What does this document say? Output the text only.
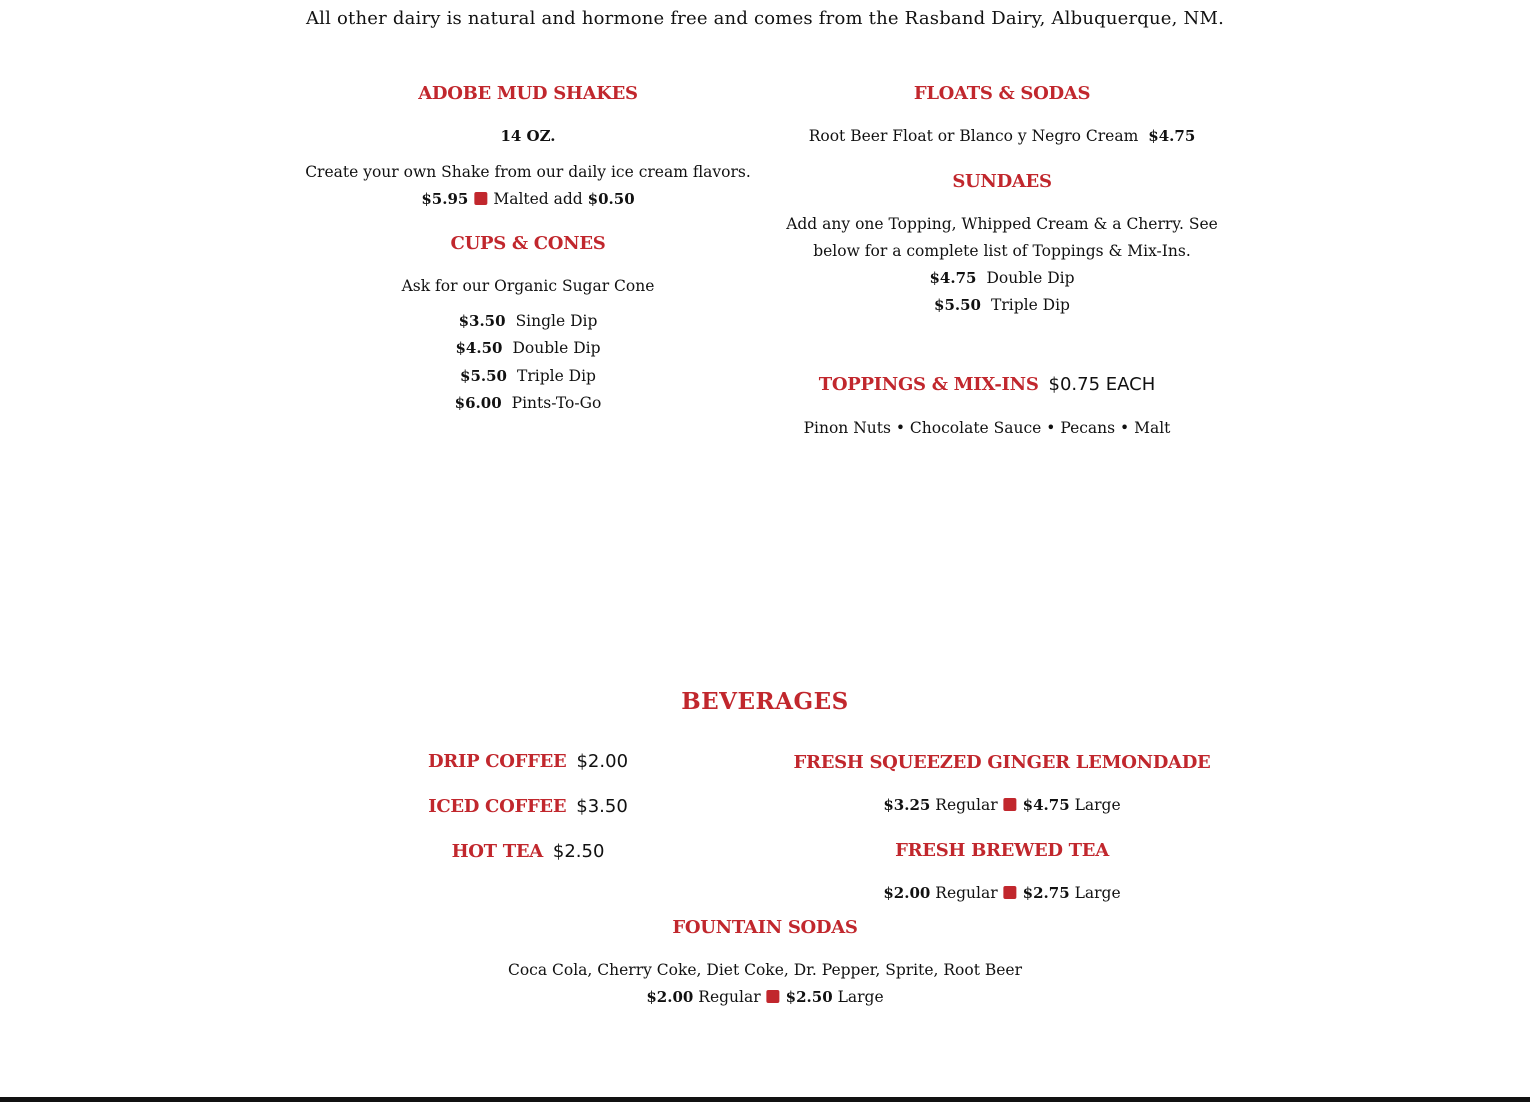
All other dairy is natural and hormone free and comes from the Rasband Dairy, Albuquerque, NM.
ADOBE MUD SHAKES
14 OZ.
Create your own Shake from our daily ice cream flavors.
$5.95 Malted add $0.50
CUPS & CONES
Ask for our Organic Sugar Cone
$3.50 Single Dip
$4.50 Double Dip
$5.50 Triple Dip
$6.00 Pints-To-Go
FLOATS & SODAS
Root Beer Float or Blanco y Negro Cream $4.75
SUNDAES
Add any one Topping, Whipped Cream & a Cherry. See
below for a complete list of Toppings & Mix-Ins.
$4.75 Double Dip
$5.50 Triple Dip
TOPPINGS & MIX-INS $0.75 EACH
Pinon Nuts • Chocolate Sauce • Pecans • Malt
BEVERAGES
DRIP COFFEE $2.00
ICED COFFEE $3.50
HOT TEA $2.50
FRESH SQUEEZED GINGER LEMONDADE
$3.25 Regular $4.75 Large
FRESH BREWED TEA
$2.00 Regular $2.75 Large
FOUNTAIN SODAS
Coca Cola, Cherry Coke, Diet Coke, Dr. Pepper, Sprite, Root Beer
$2.00 Regular $2.50 Large
